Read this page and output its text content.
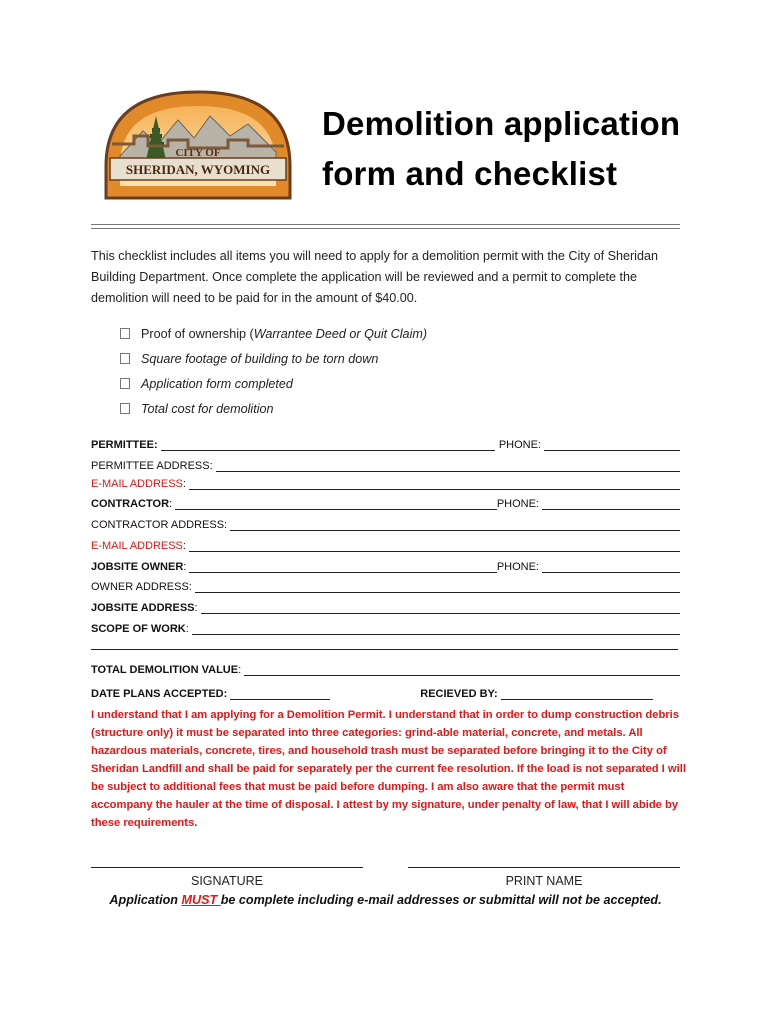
CITY OF
SHERIDAN, WYOMING
Demolition application
form and checklist
This checklist includes all items you will need to apply for a demolition permit with the City of Sheridan
Building Department. Once complete the application will be reviewed and a permit to complete the
demolition will need to be paid for in the amount of $40.00.
Proof of ownership (Warrantee Deed or Quit Claim)
Square footage of building to be torn down
Application form completed
Total cost for demolition
PERMITTEE:	PHONE:
PERMITTEE ADDRESS:
E-MAIL ADDRESS :
CONTRACTOR :	PHONE:
CONTRACTOR ADDRESS:
E-MAIL ADDRESS :
JOBSITE OWNER :	PHONE:
OWNER ADDRESS:
JOBSITE ADDRESS :
SCOPE OF WORK :
TOTAL DEMOLITION VALUE :
DATE PLANS ACCEPTED:	RECIEVED BY:
I understand that I am applying for a Demolition Permit. I understand that in order to dump construction debris
(structure only) it must be separated into three categories: grind-able material, concrete, and metals. All
hazardous materials, concrete, tires, and household trash must be separated before bringing it to the City of
Sheridan Landfill and shall be paid for separately per the current fee resolution. If the load is not separated I will
be subject to additional fees that must be paid before dumping. I am also aware that the permit must
accompany the hauler at the time of disposal. I attest by my signature, under penalty of law, that I will abide by
these requirements.
SIGNATURE	PRINT NAME
Application MUST be complete including e-mail addresses or submittal will not be accepted.
